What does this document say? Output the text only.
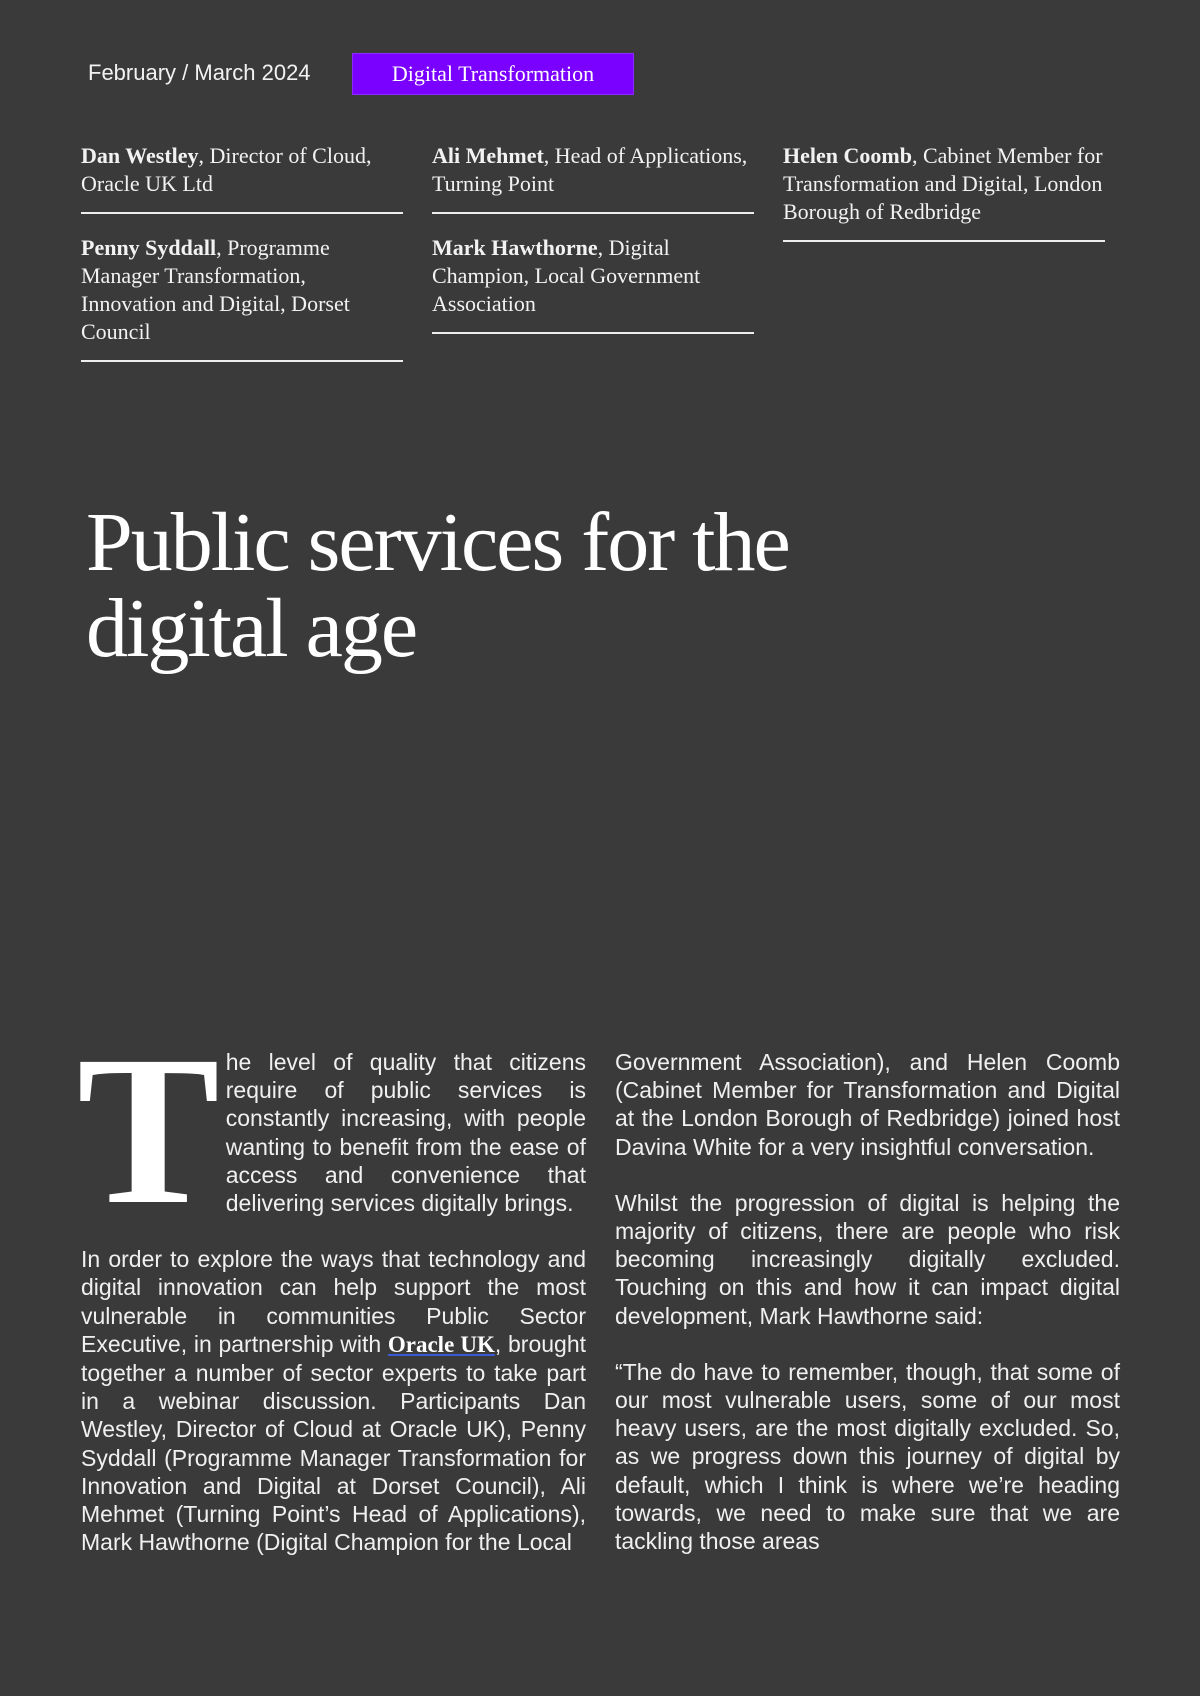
February / March 2024	Digital Transformation
Dan Westley, Director of Cloud, Oracle UK Ltd
Penny Syddall, Programme Manager Transformation, Innovation and Digital, Dorset Council
Ali Mehmet, Head of Applications, Turning Point
Mark Hawthorne, Digital Champion, Local Government Association
Helen Coomb, Cabinet Member for Transformation and Digital, London Borough of Redbridge
Public services for the digital age

The level of quality that citizens require of public services is constantly increasing, with people wanting to benefit from the ease of access and convenience that delivering services digitally brings.

In order to explore the ways that technology and digital innovation can help support the most vulnerable in communities Public Sector Executive, in partnership with Oracle UK, brought together a number of sector experts to take part in a webinar discussion. Participants Dan Westley, Director of Cloud at Oracle UK), Penny Syddall (Programme Manager Transformation for Innovation and Digital at Dorset Council), Ali Mehmet (Turning Point’s Head of Applications), Mark Hawthorne (Digital Champion for the Local

Government Association), and Helen Coomb (Cabinet Member for Transformation and Digital at the London Borough of Redbridge) joined host Davina White for a very insightful conversation.

Whilst the progression of digital is helping the majority of citizens, there are people who risk becoming increasingly digitally excluded. Touching on this and how it can impact digital development, Mark Hawthorne said:

“The do have to remember, though, that some of our most vulnerable users, some of our most heavy users, are the most digitally excluded. So, as we progress down this journey of digital by default, which I think is where we’re heading towards, we need to make sure that we are tackling those areas
